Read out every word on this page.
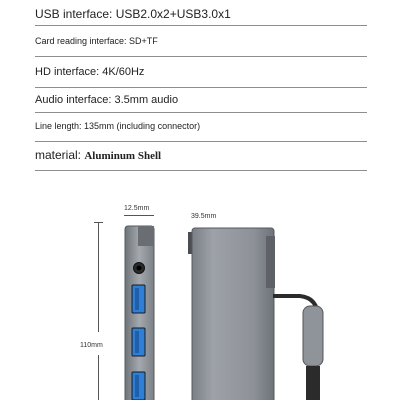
USB interface: USB2.0x2+USB3.0x1
Card reading interface: SD+TF
HD interface: 4K/60Hz
Audio interface: 3.5mm audio
Line length: 135mm (including connector)
material: Aluminum Shell
12.5mm
39.5mm
110mm
